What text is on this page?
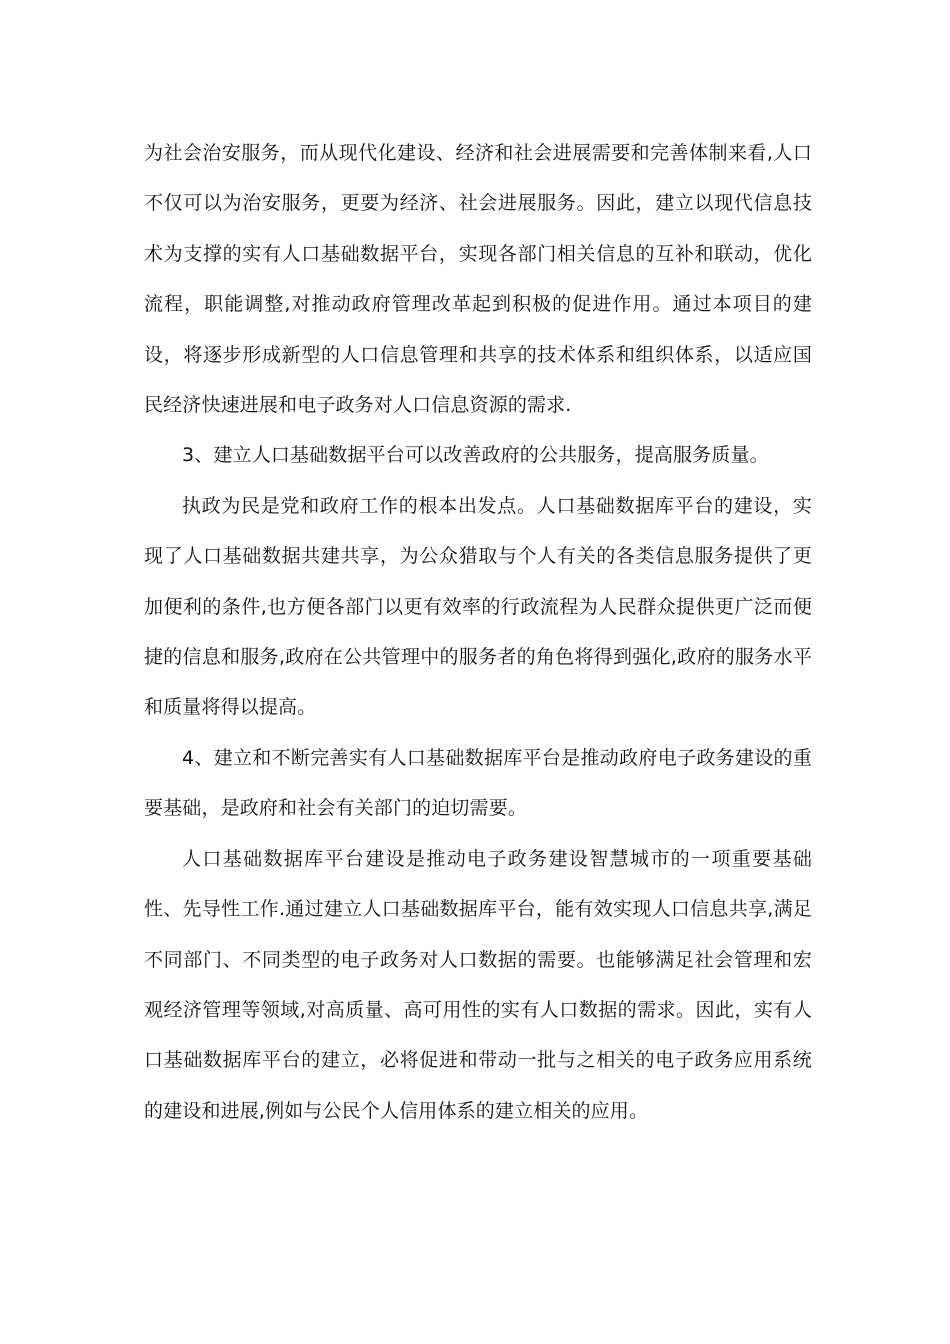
为社会治安服务，而从现代化建设、经济和社会进展需要和完善体制来看,人口不仅可以为治安服务，更要为经济、社会进展服务。因此，建立以现代信息技术为支撑的实有人口基础数据平台，实现各部门相关信息的互补和联动，优化流程，职能调整,对推动政府管理改革起到积极的促进作用。通过本项目的建设，将逐步形成新型的人口信息管理和共享的技术体系和组织体系，以适应国民经济快速进展和电子政务对人口信息资源的需求.

3、建立人口基础数据平台可以改善政府的公共服务，提高服务质量。

执政为民是党和政府工作的根本出发点。人口基础数据库平台的建设，实现了人口基础数据共建共享，为公众猎取与个人有关的各类信息服务提供了更加便利的条件,也方便各部门以更有效率的行政流程为人民群众提供更广泛而便捷的信息和服务,政府在公共管理中的服务者的角色将得到强化,政府的服务水平和质量将得以提高。

4、建立和不断完善实有人口基础数据库平台是推动政府电子政务建设的重要基础，是政府和社会有关部门的迫切需要。

人口基础数据库平台建设是推动电子政务建设智慧城市的一项重要基础性、先导性工作.通过建立人口基础数据库平台，能有效实现人口信息共享,满足不同部门、不同类型的电子政务对人口数据的需要。也能够满足社会管理和宏观经济管理等领域,对高质量、高可用性的实有人口数据的需求。因此，实有人口基础数据库平台的建立，必将促进和带动一批与之相关的电子政务应用系统的建设和进展,例如与公民个人信用体系的建立相关的应用。
